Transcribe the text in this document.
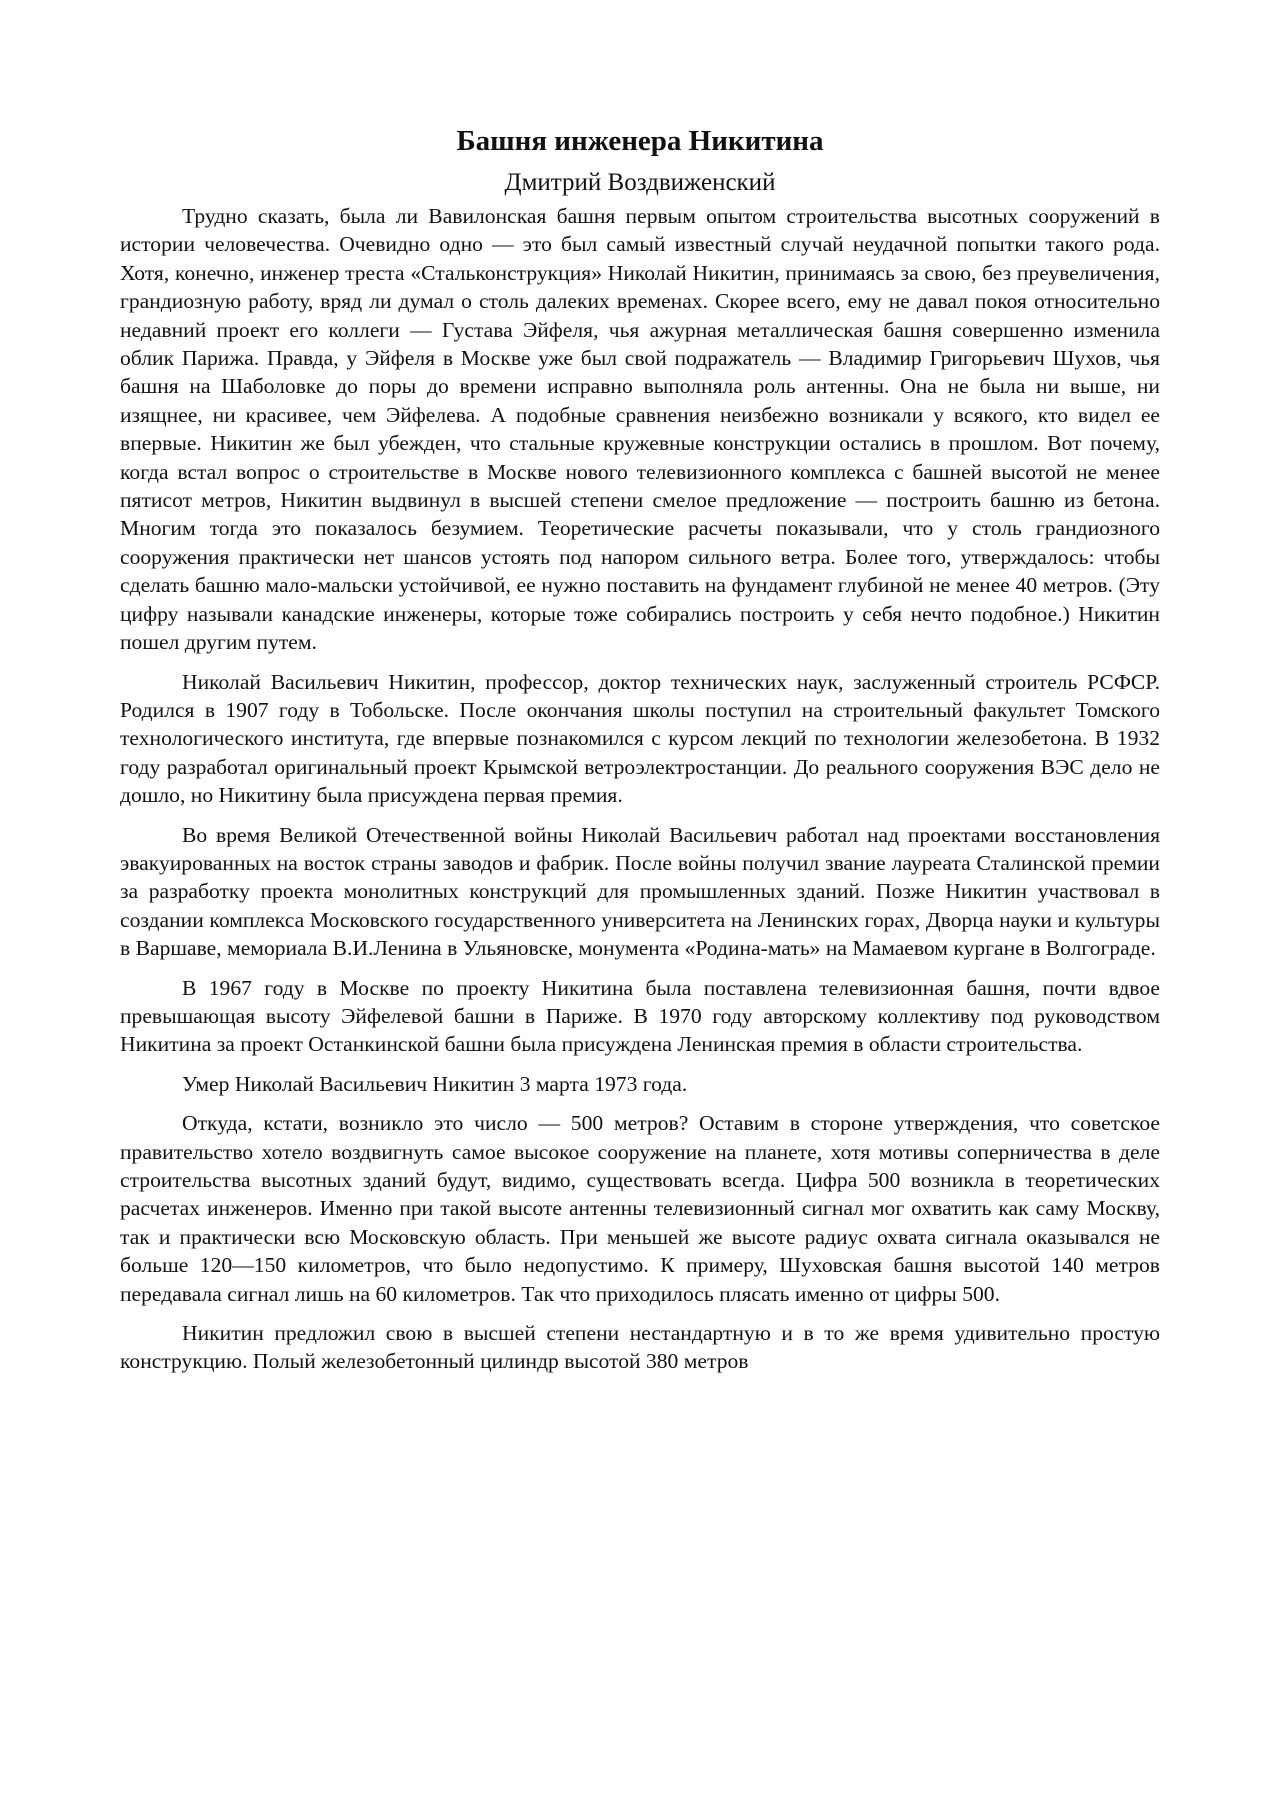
Башня инженера Никитина
Дмитрий Воздвиженский

Трудно сказать, была ли Вавилонская башня первым опытом строительства высотных сооружений в истории человечества. Очевидно одно — это был самый известный случай неудачной попытки такого рода. Хотя, конечно, инженер треста «Стальконструкция» Николай Никитин, принимаясь за свою, без преувеличения, грандиозную работу, вряд ли думал о столь далеких временах. Скорее всего, ему не давал покоя относительно недавний проект его коллеги — Густава Эйфеля, чья ажурная металлическая башня совершенно изменила облик Парижа. Правда, у Эйфеля в Москве уже был свой подражатель — Владимир Григорьевич Шухов, чья башня на Шаболовке до поры до времени исправно выполняла роль антенны. Она не была ни выше, ни изящнее, ни красивее, чем Эйфелева. А подобные сравнения неизбежно возникали у всякого, кто видел ее впервые. Никитин же был убежден, что стальные кружевные конструкции остались в прошлом. Вот почему, когда встал вопрос о строительстве в Москве нового телевизионного комплекса с башней высотой не менее пятисот метров, Никитин выдвинул в высшей степени смелое предложение — построить башню из бетона. Многим тогда это показалось безумием. Теоретические расчеты показывали, что у столь грандиозного сооружения практически нет шансов устоять под напором сильного ветра. Более того, утверждалось: чтобы сделать башню мало-мальски устойчивой, ее нужно поставить на фундамент глубиной не менее 40 метров. (Эту цифру называли канадские инженеры, которые тоже собирались построить у себя нечто подобное.) Никитин пошел другим путем.

Николай Васильевич Никитин, профессор, доктор технических наук, заслуженный строитель РСФСР. Родился в 1907 году в Тобольске. После окончания школы поступил на строительный факультет Томского технологического института, где впервые познакомился с курсом лекций по технологии железобетона. В 1932 году разработал оригинальный проект Крымской ветроэлектростанции. До реального сооружения ВЭС дело не дошло, но Никитину была присуждена первая премия.

Во время Великой Отечественной войны Николай Васильевич работал над проектами восстановления эвакуированных на восток страны заводов и фабрик. После войны получил звание лауреата Сталинской премии за разработку проекта монолитных конструкций для промышленных зданий. Позже Никитин участвовал в создании комплекса Московского государственного университета на Ленинских горах, Дворца науки и культуры в Варшаве, мемориала В.И.Ленина в Ульяновске, монумента «Родина-мать» на Мамаевом кургане в Волгограде.

В 1967 году в Москве по проекту Никитина была поставлена телевизионная башня, почти вдвое превышающая высоту Эйфелевой башни в Париже. В 1970 году авторскому коллективу под руководством Никитина за проект Останкинской башни была присуждена Ленинская премия в области строительства.

Умер Николай Васильевич Никитин 3 марта 1973 года.

Откуда, кстати, возникло это число — 500 метров? Оставим в стороне утверждения, что советское правительство хотело воздвигнуть самое высокое сооружение на планете, хотя мотивы соперничества в деле строительства высотных зданий будут, видимо, существовать всегда. Цифра 500 возникла в теоретических расчетах инженеров. Именно при такой высоте антенны телевизионный сигнал мог охватить как саму Москву, так и практически всю Московскую область. При меньшей же высоте радиус охвата сигнала оказывался не больше 120—150 километров, что было недопустимо. К примеру, Шуховская башня высотой 140 метров передавала сигнал лишь на 60 километров. Так что приходилось плясать именно от цифры 500.

Никитин предложил свою в высшей степени нестандартную и в то же время удивительно простую конструкцию. Полый железобетонный цилиндр высотой 380 метров
